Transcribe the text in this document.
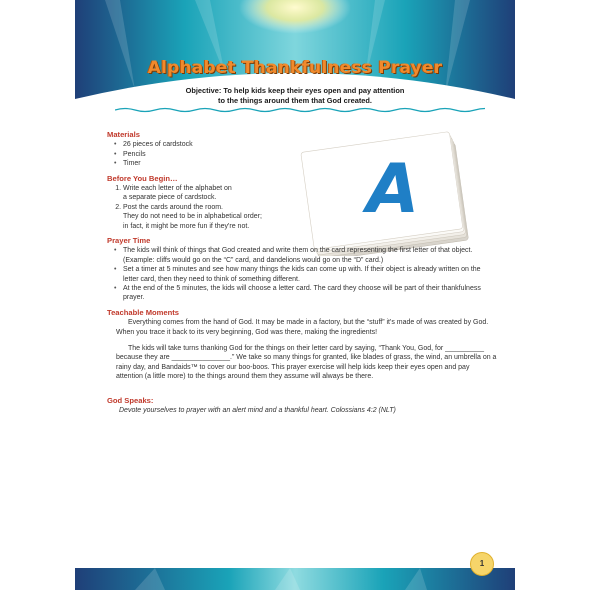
Alphabet Thankfulness Prayer
Objective: To help kids keep their eyes open and pay attention
to the things around them that God created.
A
Materials
• 26 pieces of cardstock
• Pencils
• Timer
Before You Begin…
1. Write each letter of the alphabet on
a separate piece of cardstock.
2. Post the cards around the room.
They do not need to be in alphabetical order;
in fact, it might be more fun if they're not.
Prayer Time
• The kids will think of things that God created and write them on the card representing the first letter of that object. (Example: cliffs would go on the “C” card, and dandelions would go on the “D” card.)
• Set a timer at 5 minutes and see how many things the kids can come up with. If their object is already written on the letter card, then they need to think of something different.
• At the end of the 5 minutes, the kids will choose a letter card. The card they choose will be part of their thankfulness prayer.
Teachable Moments

Everything comes from the hand of God. It may be made in a factory, but the “stuff” it's made of was created by God. When you trace it back to its very beginning, God was there, making the ingredients!

The kids will take turns thanking God for the things on their letter card by saying, “Thank You, God, for __________ because they are _______________.” We take so many things for granted, like blades of grass, the wind, an umbrella on a rainy day, and Bandaids™ to cover our boo-boos. This prayer exercise will help kids keep their eyes open and pay attention (a little more) to the things around them they assume will always be there.

God Speaks:
Devote yourselves to prayer with an alert mind and a thankful heart. Colossians 4:2 (NLT)
1
